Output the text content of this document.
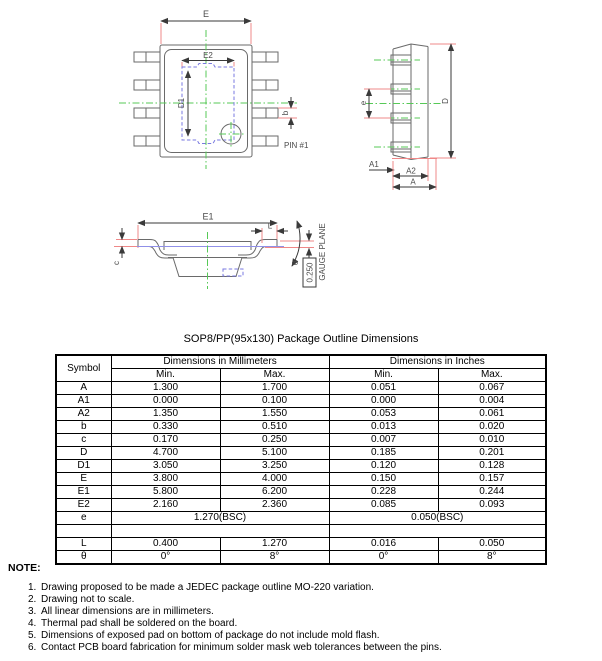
E
E2
D1
b
PIN #1
e	D
A1
A2
A
E1
c
L
θ 0.250 GAUGE PLANE
SOP8/PP(95x130) Package Outline Dimensions
Symbol	Dimensions in Millimeters		Dimensions in Inches	
	Min.	Max.	Min.	Max.
A	1.300	1.700	0.051	0.067
A1	0.000	0.100	0.000	0.004
A2	1.350	1.550	0.053	0.061
b	0.330	0.510	0.013	0.020
c	0.170	0.250	0.007	0.010
D	4.700	5.100	0.185	0.201
D1	3.050	3.250	0.120	0.128
E	3.800	4.000	0.150	0.157
E1	5.800	6.200	0.228	0.244
E2	2.160	2.360	0.085	0.093
e	1.270(BSC)		0.050(BSC)	

L	0.400	1.270	0.016	0.050
θ	0°	8°	0°	8°
NOTE:
1. Drawing proposed to be made a JEDEC package outline MO-220 variation.
2. Drawing not to scale.
3. All linear dimensions are in millimeters.
4. Thermal pad shall be soldered on the board.
5. Dimensions of exposed pad on bottom of package do not include mold flash.
6. Contact PCB board fabrication for minimum solder mask web tolerances between the pins.
